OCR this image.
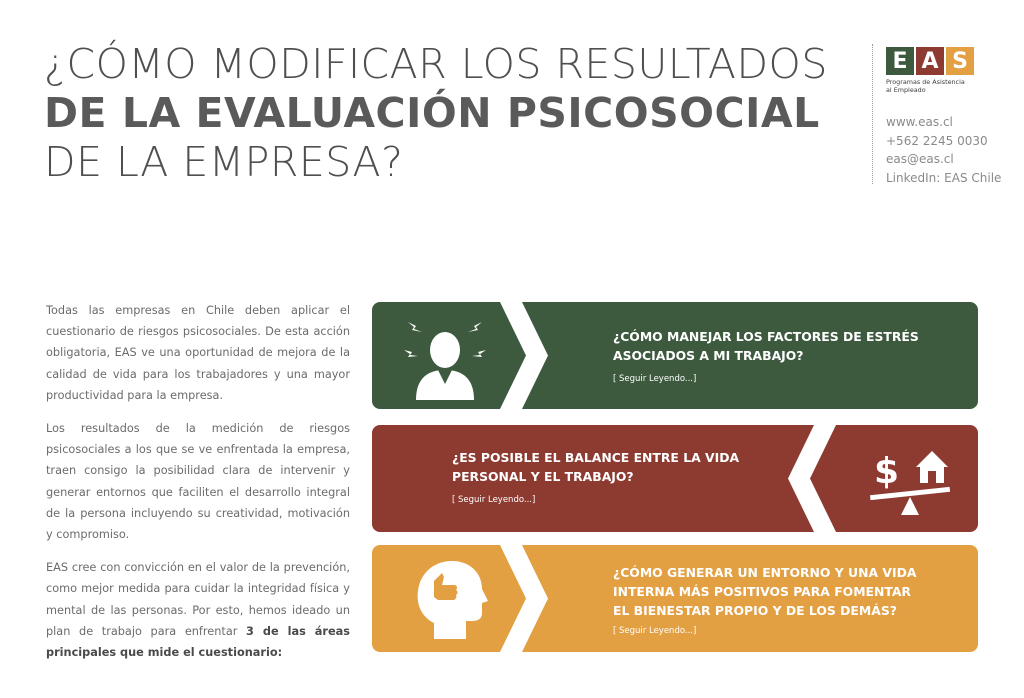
¿CÓMO MODIFICAR LOS RESULTADOS
DE LA EVALUACIÓN PSICOSOCIAL
DE LA EMPRESA?
E A S
Programas de Asistencia
al Empleado
www.eas.cl
+562 2245 0030
eas@eas.cl
LinkedIn: EAS Chile

Todas las empresas en Chile deben aplicar el cuestionario de riesgos psicosociales. De esta acción obligatoria, EAS ve una oportunidad de mejora de la calidad de vida para los trabajadores y una mayor productividad para la empresa.

Los resultados de la medición de riesgos psicosociales a los que se ve enfrentada la empresa, traen consigo la posibilidad clara de intervenir y generar entornos que faciliten el desarrollo integral de la persona incluyendo su creatividad, motivación y compromiso.

EAS cree con convicción en el valor de la prevención, como mejor medida para cuidar la integridad física y mental de las personas. Por esto, hemos ideado un plan de trabajo para enfrentar 3 de las áreas principales que mide el cuestionario:

¿CÓMO MANEJAR LOS FACTORES DE ESTRÉS
ASOCIADOS A MI TRABAJO?
[ Seguir Leyendo...]
$
¿ES POSIBLE EL BALANCE ENTRE LA VIDA
PERSONAL Y EL TRABAJO?
[ Seguir Leyendo...]
¿CÓMO GENERAR UN ENTORNO Y UNA VIDA
INTERNA MÁS POSITIVOS PARA FOMENTAR
EL BIENESTAR PROPIO Y DE LOS DEMÁS?
[ Seguir Leyendo...]
